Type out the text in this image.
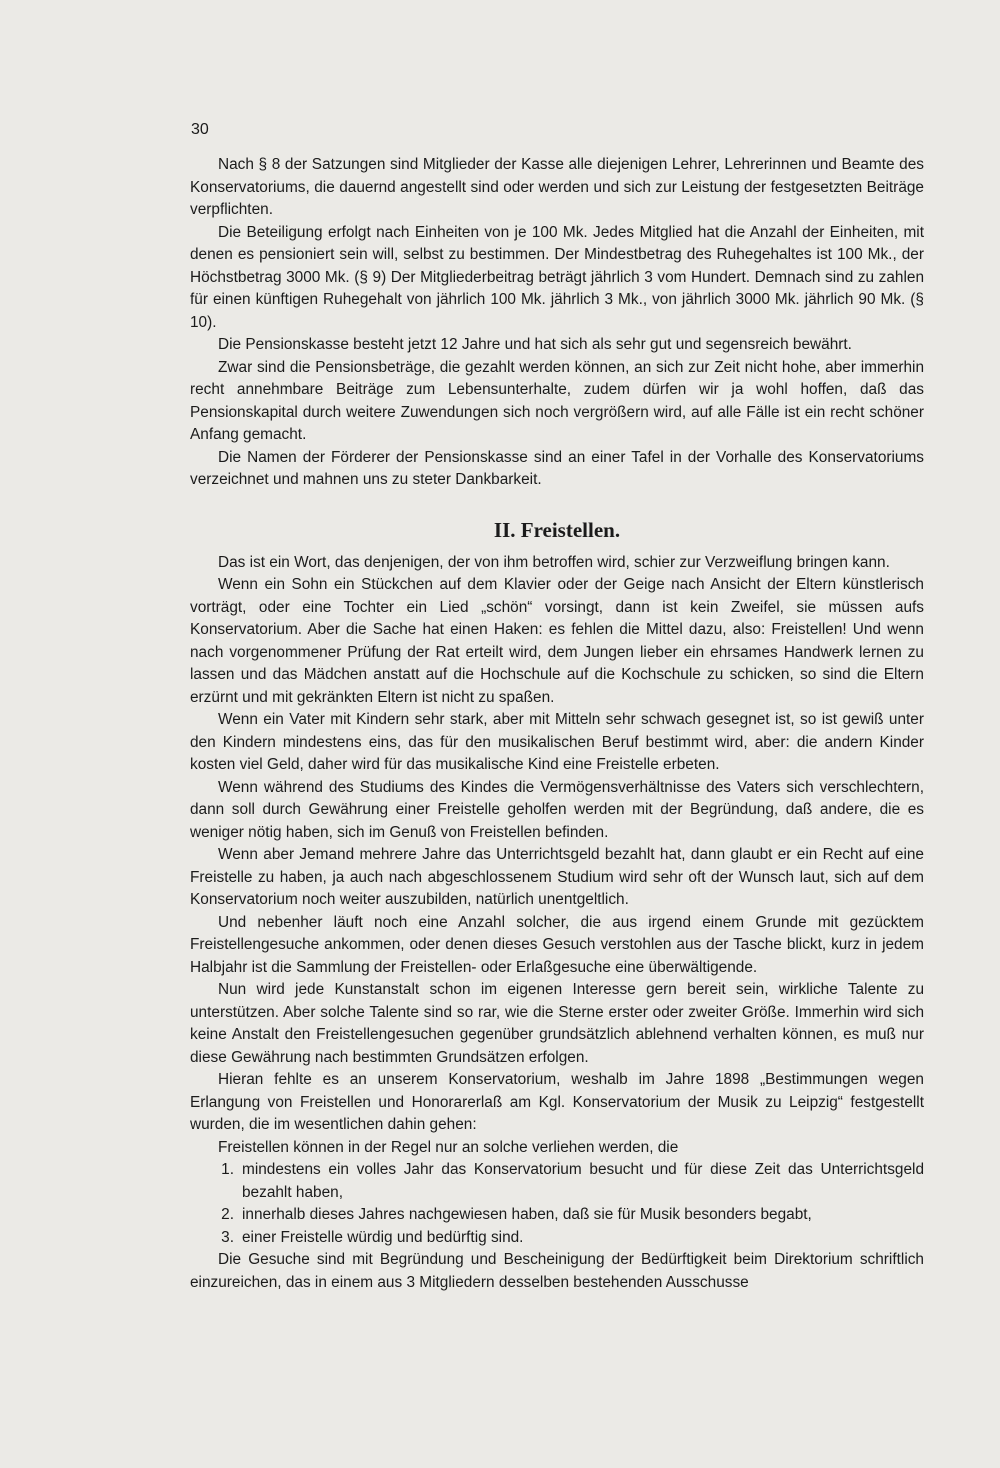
30

Nach § 8 der Satzungen sind Mitglieder der Kasse alle diejenigen Lehrer, Lehrerinnen und Beamte des Konservatoriums, die dauernd angestellt sind oder werden und sich zur Leistung der festgesetzten Beiträge verpflichten.

Die Beteiligung erfolgt nach Einheiten von je 100 Mk. Jedes Mitglied hat die Anzahl der Einheiten, mit denen es pensioniert sein will, selbst zu bestimmen. Der Mindestbetrag des Ruhegehaltes ist 100 Mk., der Höchstbetrag 3000 Mk. (§ 9) Der Mitgliederbeitrag beträgt jährlich 3 vom Hundert. Demnach sind zu zahlen für einen künftigen Ruhegehalt von jährlich 100 Mk. jährlich 3 Mk., von jährlich 3000 Mk. jährlich 90 Mk. (§ 10).

Die Pensionskasse besteht jetzt 12 Jahre und hat sich als sehr gut und segensreich bewährt.

Zwar sind die Pensionsbeträge, die gezahlt werden können, an sich zur Zeit nicht hohe, aber immerhin recht annehmbare Beiträge zum Lebensunterhalte, zudem dürfen wir ja wohl hoffen, daß das Pensionskapital durch weitere Zuwendungen sich noch vergrößern wird, auf alle Fälle ist ein recht schöner Anfang gemacht.

Die Namen der Förderer der Pensionskasse sind an einer Tafel in der Vorhalle des Konservatoriums verzeichnet und mahnen uns zu steter Dankbarkeit.

II. Freistellen.

Das ist ein Wort, das denjenigen, der von ihm betroffen wird, schier zur Verzweiflung bringen kann.

Wenn ein Sohn ein Stückchen auf dem Klavier oder der Geige nach Ansicht der Eltern künstlerisch vorträgt, oder eine Tochter ein Lied „schön“ vorsingt, dann ist kein Zweifel, sie müssen aufs Konservatorium. Aber die Sache hat einen Haken: es fehlen die Mittel dazu, also: Freistellen! Und wenn nach vorgenommener Prüfung der Rat erteilt wird, dem Jungen lieber ein ehrsames Handwerk lernen zu lassen und das Mädchen anstatt auf die Hochschule auf die Kochschule zu schicken, so sind die Eltern erzürnt und mit gekränkten Eltern ist nicht zu spaßen.

Wenn ein Vater mit Kindern sehr stark, aber mit Mitteln sehr schwach gesegnet ist, so ist gewiß unter den Kindern mindestens eins, das für den musikalischen Beruf bestimmt wird, aber: die andern Kinder kosten viel Geld, daher wird für das musikalische Kind eine Freistelle erbeten.

Wenn während des Studiums des Kindes die Vermögensverhältnisse des Vaters sich verschlechtern, dann soll durch Gewährung einer Freistelle geholfen werden mit der Begründung, daß andere, die es weniger nötig haben, sich im Genuß von Freistellen befinden.

Wenn aber Jemand mehrere Jahre das Unterrichtsgeld bezahlt hat, dann glaubt er ein Recht auf eine Freistelle zu haben, ja auch nach abgeschlossenem Studium wird sehr oft der Wunsch laut, sich auf dem Konservatorium noch weiter auszubilden, natürlich unentgeltlich.

Und nebenher läuft noch eine Anzahl solcher, die aus irgend einem Grunde mit gezücktem Freistellengesuche ankommen, oder denen dieses Gesuch verstohlen aus der Tasche blickt, kurz in jedem Halbjahr ist die Sammlung der Freistellen- oder Erlaßgesuche eine überwältigende.

Nun wird jede Kunstanstalt schon im eigenen Interesse gern bereit sein, wirkliche Talente zu unterstützen. Aber solche Talente sind so rar, wie die Sterne erster oder zweiter Größe. Immerhin wird sich keine Anstalt den Freistellengesuchen gegenüber grundsätzlich ablehnend verhalten können, es muß nur diese Gewährung nach bestimmten Grundsätzen erfolgen.

Hieran fehlte es an unserem Konservatorium, weshalb im Jahre 1898 „Bestimmungen wegen Erlangung von Freistellen und Honorarerlaß am Kgl. Konservatorium der Musik zu Leipzig“ festgestellt wurden, die im wesentlichen dahin gehen:

Freistellen können in der Regel nur an solche verliehen werden, die

1. mindestens ein volles Jahr das Konservatorium besucht und für diese Zeit das Unterrichtsgeld bezahlt haben,
2. innerhalb dieses Jahres nachgewiesen haben, daß sie für Musik besonders begabt,
3. einer Freistelle würdig und bedürftig sind.

Die Gesuche sind mit Begründung und Bescheinigung der Bedürftigkeit beim Direktorium schriftlich einzureichen, das in einem aus 3 Mitgliedern desselben bestehenden Ausschusse
